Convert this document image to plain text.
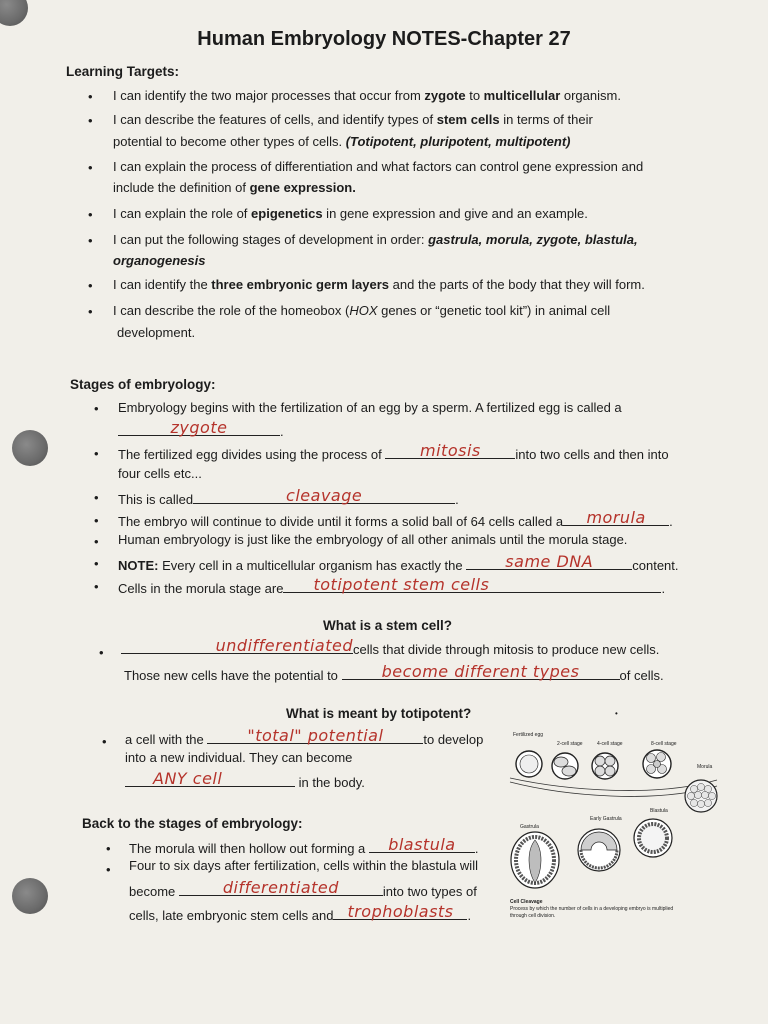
Human Embryology NOTES-Chapter 27
Learning Targets:
• I can identify the two major processes that occur from zygote to multicellular organism.
• I can describe the features of cells, and identify types of stem cells in terms of their
potential to become other types of cells. (Totipotent, pluripotent, multipotent)
• I can explain the process of differentiation and what factors can control gene expression and
include the definition of gene expression.
• I can explain the role of epigenetics in gene expression and give and an example.
• I can put the following stages of development in order: gastrula, morula, zygote, blastula,
organogenesis
• I can identify the three embryonic germ layers and the parts of the body that they will form.
• I can describe the role of the homeobox (HOX genes or “genetic tool kit”) in animal cell
development.
Stages of embryology:
• Embryology begins with the fertilization of an egg by a sperm. A fertilized egg is called a
zygote	.
• The fertilized egg divides using the process of	mitosis	into two cells and then into
four cells etc...
• This is called	cleavage	.
• The embryo will continue to divide until it forms a solid ball of 64 cells called a	morula	.
• Human embryology is just like the embryology of all other animals until the morula stage.
• NOTE: Every cell in a multicellular organism has exactly the	same DNA	content.
• Cells in the morula stage are totipotent stem cells	.
What is a stem cell?
•	undifferentiated cells that divide through mitosis to produce new cells.
Those new cells have the potential to	become different types	of cells.
What is meant by totipotent?
• a cell with the	"total" potential	to develop
into a new individual. They can become
ANY cell	in the body.
Back to the stages of embryology:
• The morula will then hollow out forming a	blastula	.
• Four to six days after fertilization, cells within the blastula will
become	differentiated	into two types of
cells, late embryonic stem cells and trophoblasts	.
Fertilized egg
2-cell stage	4-cell stage	8-cell stage
Morula
Blastula
Early Gastrula
Gastrula
Cell Cleavage
Process by which the number of cells in a developing embryo is multiplied
through cell division.
•
